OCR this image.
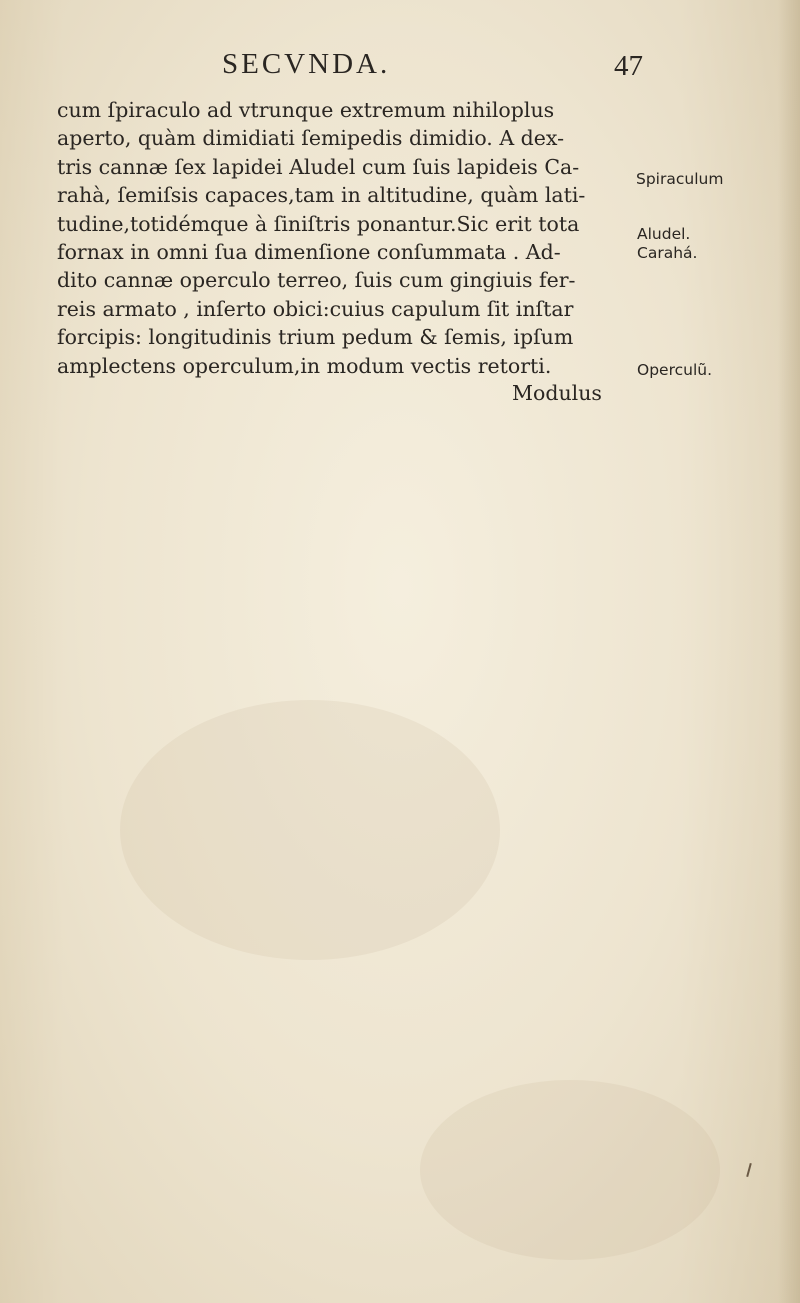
SECVNDA.	47
cum ſpiraculo ad vtrunque extremum nihiloplus
aperto, quàm dimidiati ſemipedis dimidio. A dex-
tris cannæ ſex lapidei Aludel cum ſuis lapideis Ca-
rahà, ſemiſsis capaces,tam in altitudine, quàm lati-
tudine,totidémque à ſiniſtris ponantur.Sic erit tota
fornax in omni ſua dimenſione conſummata . Ad-
dito cannæ operculo terreo, ſuis cum gingiuis fer-
reis armato , inſerto obici:cuius capulum ſit inſtar
forcipis: longitudinis trium pedum & ſemis, ipſum
amplectens operculum,in modum vectis retorti.
Modulus
Spiraculum
Aludel.
Carahá.
Operculũ.
